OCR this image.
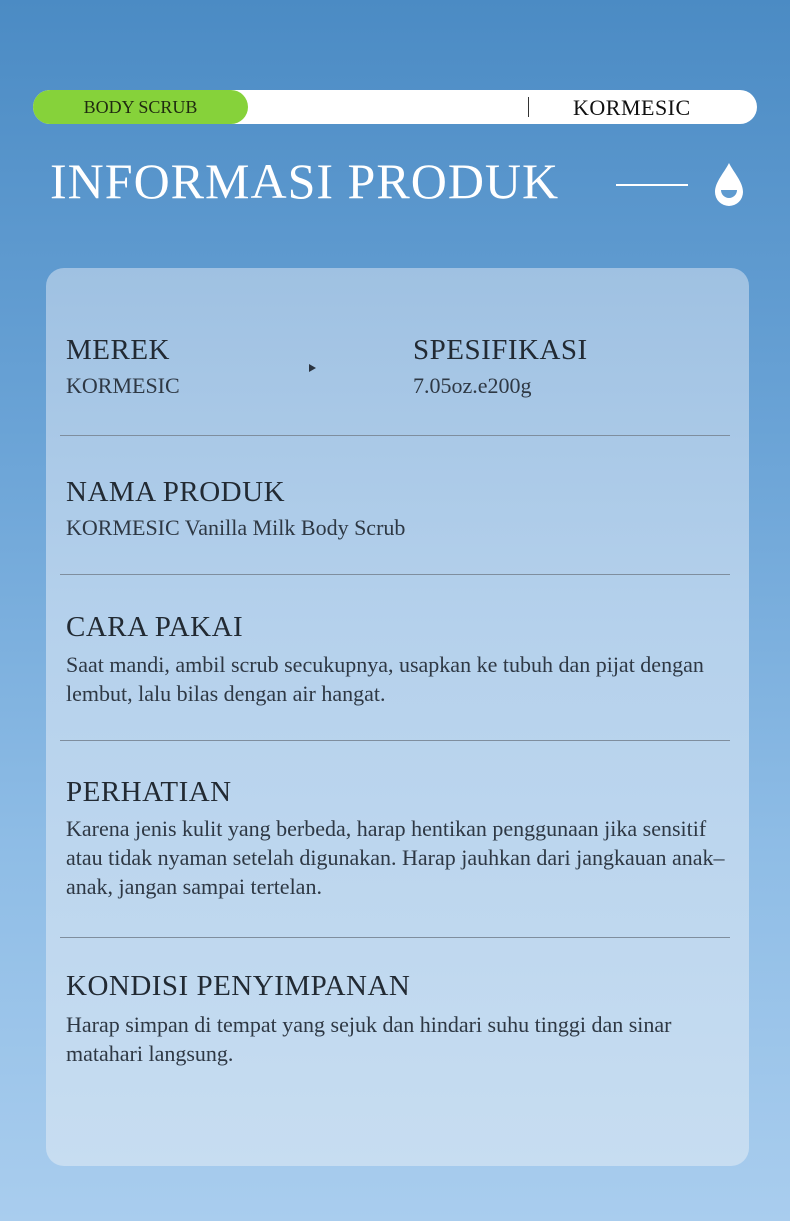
BODY SCRUB	KORMESIC
INFORMASI PRODUK
MEREK

KORMESIC

SPESIFIKASI

7.05oz.e200g

NAMA PRODUK

KORMESIC Vanilla Milk Body Scrub

CARA PAKAI

Saat mandi, ambil scrub secukupnya, usapkan ke tubuh dan pijat dengan lembut, lalu bilas dengan air hangat.

PERHATIAN

Karena jenis kulit yang berbeda, harap hentikan penggunaan jika sensitif atau tidak nyaman setelah digunakan. Harap jauhkan dari jangkauan anak–anak, jangan sampai tertelan.

KONDISI PENYIMPANAN

Harap simpan di tempat yang sejuk dan hindari suhu tinggi dan sinar matahari langsung.
